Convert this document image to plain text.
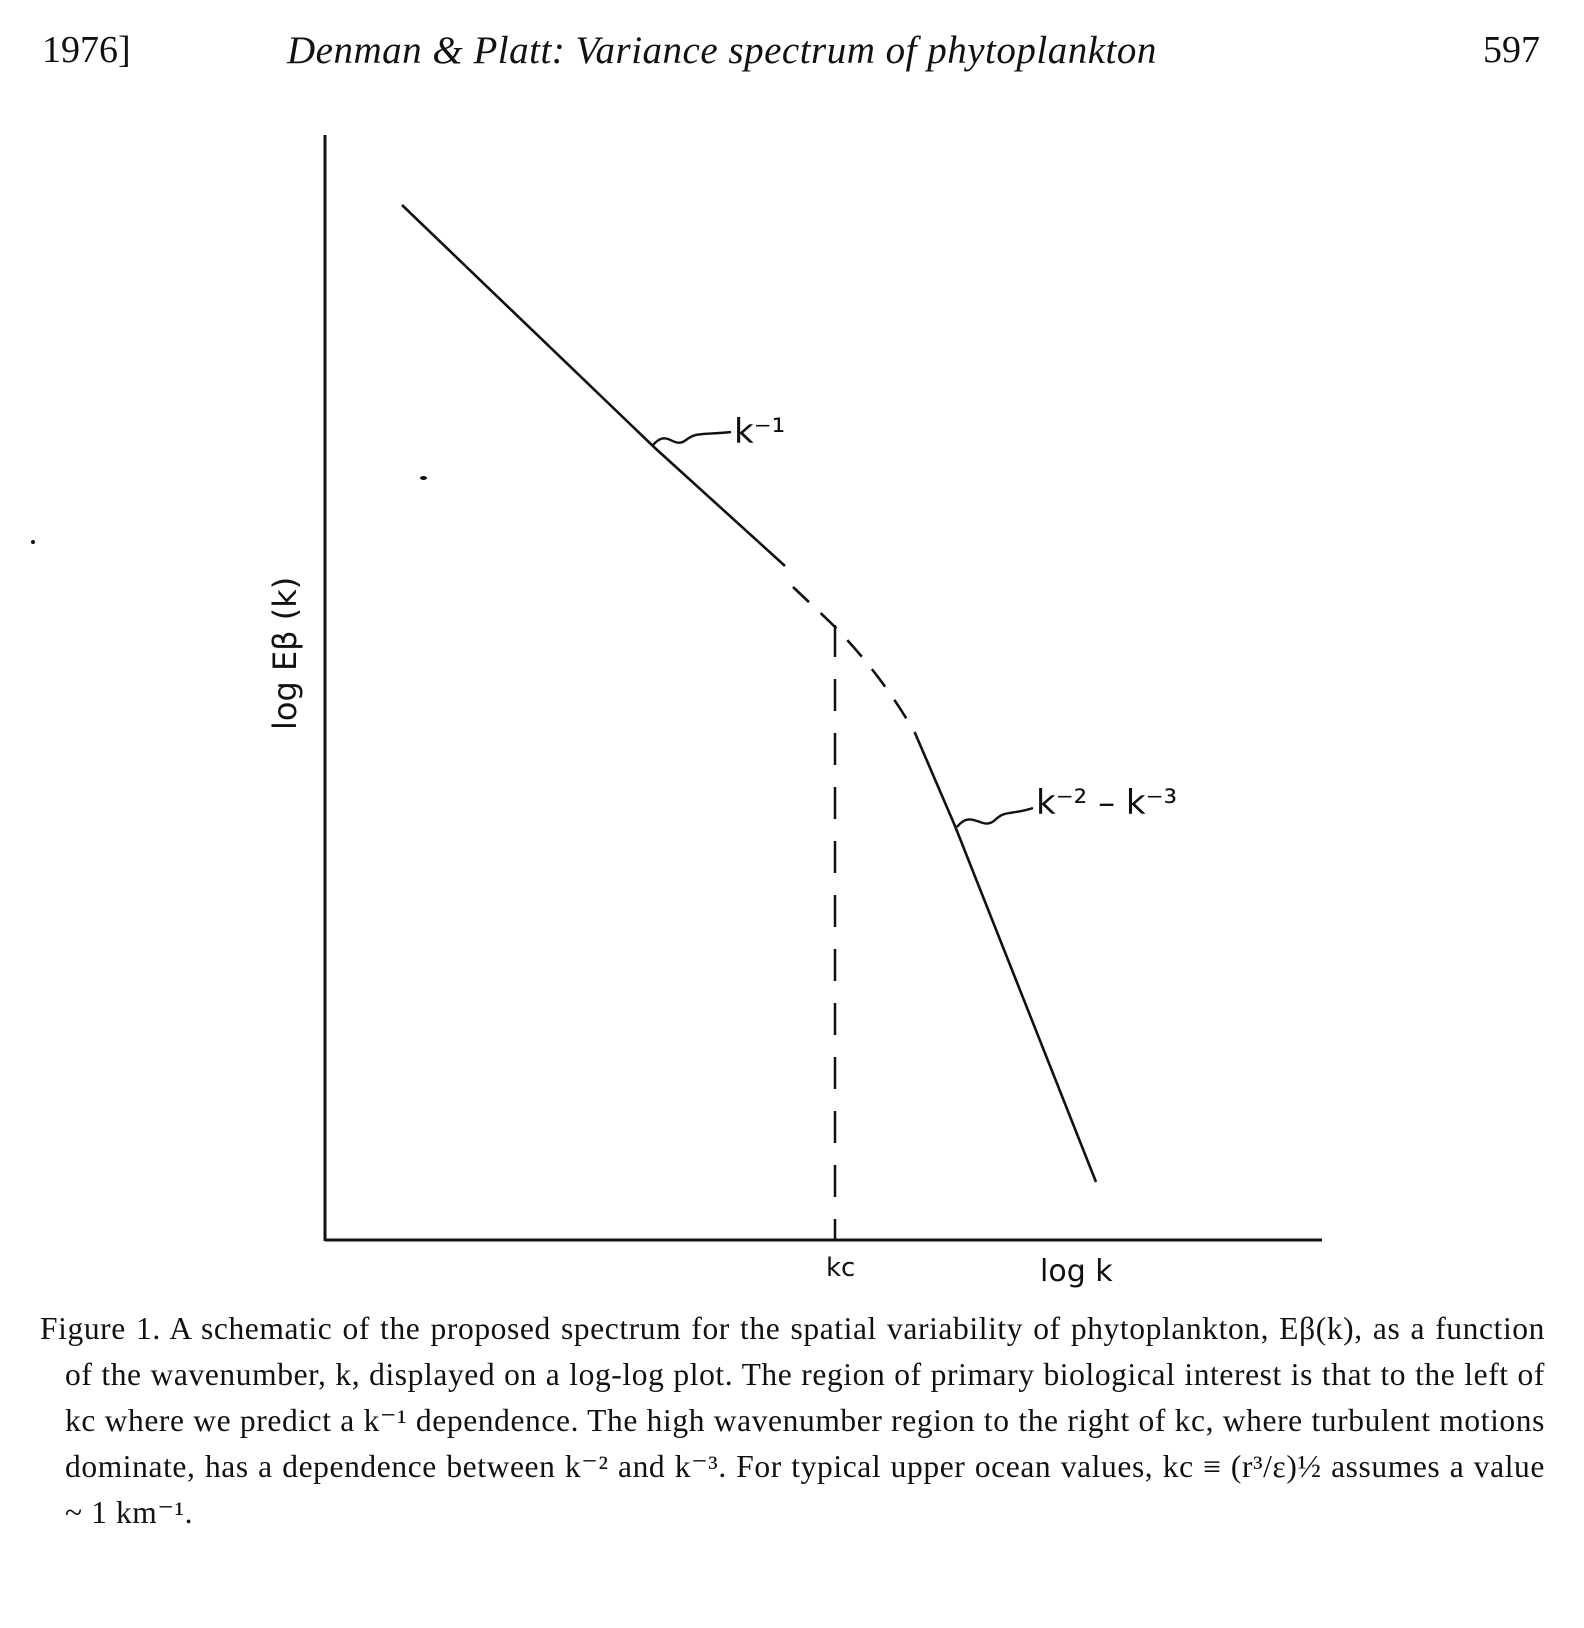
1976]	Denman & Platt: Variance spectrum of phytoplankton	597
k⁻¹
k⁻² – k⁻³
log Eβ (k)
kc	log k

Figure 1. A schematic of the proposed spectrum for the spatial variability of phytoplankton, Eβ(k), as a function of the wavenumber, k, displayed on a log-log plot. The region of primary biological interest is that to the left of kc where we predict a k⁻¹ dependence. The high wavenumber region to the right of kc, where turbulent motions dominate, has a dependence between k⁻² and k⁻³. For typical upper ocean values, kc ≡ (r³/ε)½ assumes a value ~ 1 km⁻¹.
